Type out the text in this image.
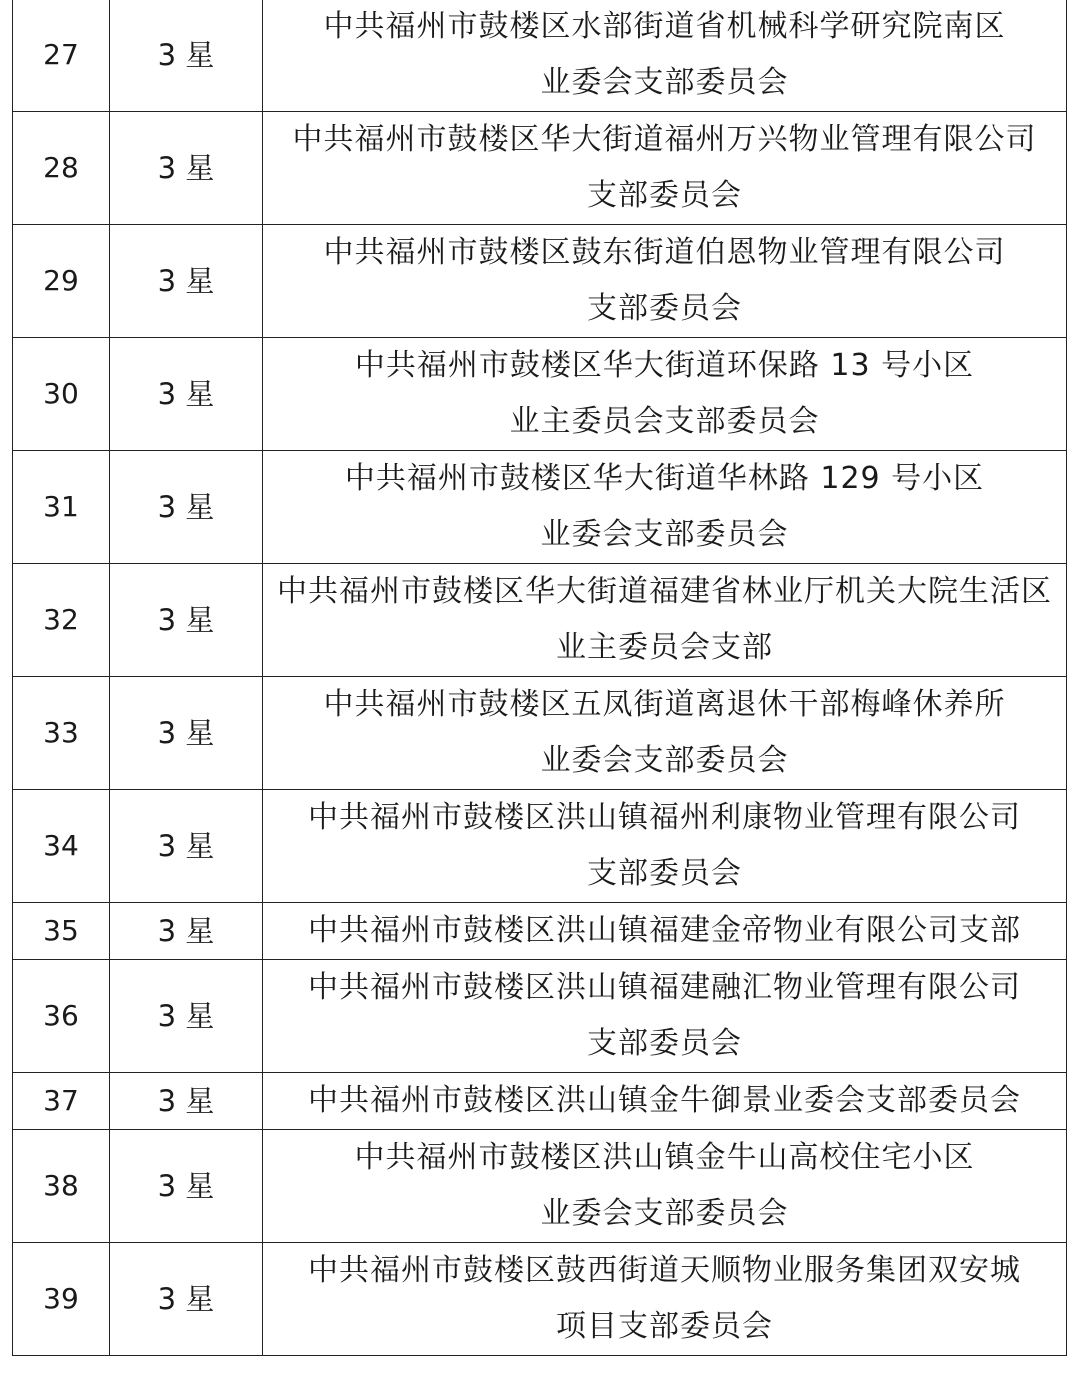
27	3 星	中共福州市鼓楼区水部街道省机械科学研究院南区
业委会支部委员会

28	3 星	中共福州市鼓楼区华大街道福州万兴物业管理有限公司
支部委员会

29	3 星	中共福州市鼓楼区鼓东街道伯恩物业管理有限公司
支部委员会

30	3 星	中共福州市鼓楼区华大街道环保路 13 号小区
业主委员会支部委员会

31	3 星	中共福州市鼓楼区华大街道华林路 129 号小区
业委会支部委员会

32	3 星	中共福州市鼓楼区华大街道福建省林业厅机关大院生活区
业主委员会支部

33	3 星	中共福州市鼓楼区五凤街道离退休干部梅峰休养所
业委会支部委员会

34	3 星	中共福州市鼓楼区洪山镇福州利康物业管理有限公司
支部委员会

35	3 星	中共福州市鼓楼区洪山镇福建金帝物业有限公司支部

36	3 星	中共福州市鼓楼区洪山镇福建融汇物业管理有限公司
支部委员会

37	3 星	中共福州市鼓楼区洪山镇金牛御景业委会支部委员会

38	3 星	中共福州市鼓楼区洪山镇金牛山高校住宅小区
业委会支部委员会

39	3 星	中共福州市鼓楼区鼓西街道天顺物业服务集团双安城
项目支部委员会
